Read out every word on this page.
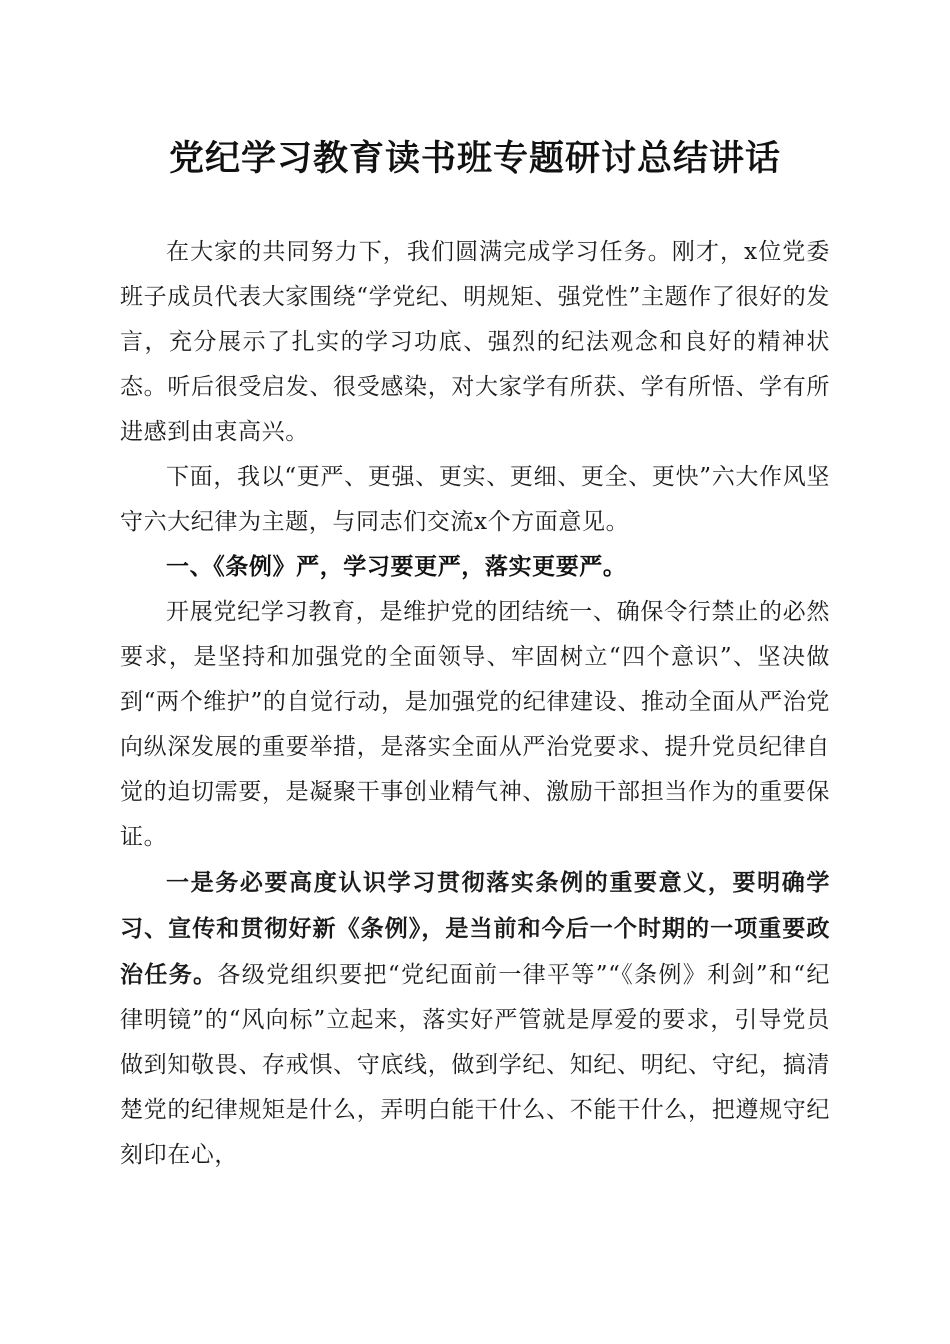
党纪学习教育读书班专题研讨总结讲话

在大家的共同努力下，我们圆满完成学习任务。刚才，x位党委班子成员代表大家围绕“学党纪、明规矩、强党性”主题作了很好的发言，充分展示了扎实的学习功底、强烈的纪法观念和良好的精神状态。听后很受启发、很受感染，对大家学有所获、学有所悟、学有所进感到由衷高兴。

下面，我以“更严、更强、更实、更细、更全、更快”六大作风坚守六大纪律为主题，与同志们交流x个方面意见。

一、《条例》严，学习要更严，落实更要严。

开展党纪学习教育，是维护党的团结统一、确保令行禁止的必然要求，是坚持和加强党的全面领导、牢固树立“四个意识”、坚决做到“两个维护”的自觉行动，是加强党的纪律建设、推动全面从严治党向纵深发展的重要举措，是落实全面从严治党要求、提升党员纪律自觉的迫切需要，是凝聚干事创业精气神、激励干部担当作为的重要保证。

一是务必要高度认识学习贯彻落实条例的重要意义，要明确学习、宣传和贯彻好新《条例》，是当前和今后一个时期的一项重要政治任务。各级党组织要把“党纪面前一律平等”“《条例》利剑”和“纪律明镜”的“风向标”立起来，落实好严管就是厚爱的要求，引导党员做到知敬畏、存戒惧、守底线，做到学纪、知纪、明纪、守纪，搞清楚党的纪律规矩是什么，弄明白能干什么、不能干什么，把遵规守纪刻印在心，
